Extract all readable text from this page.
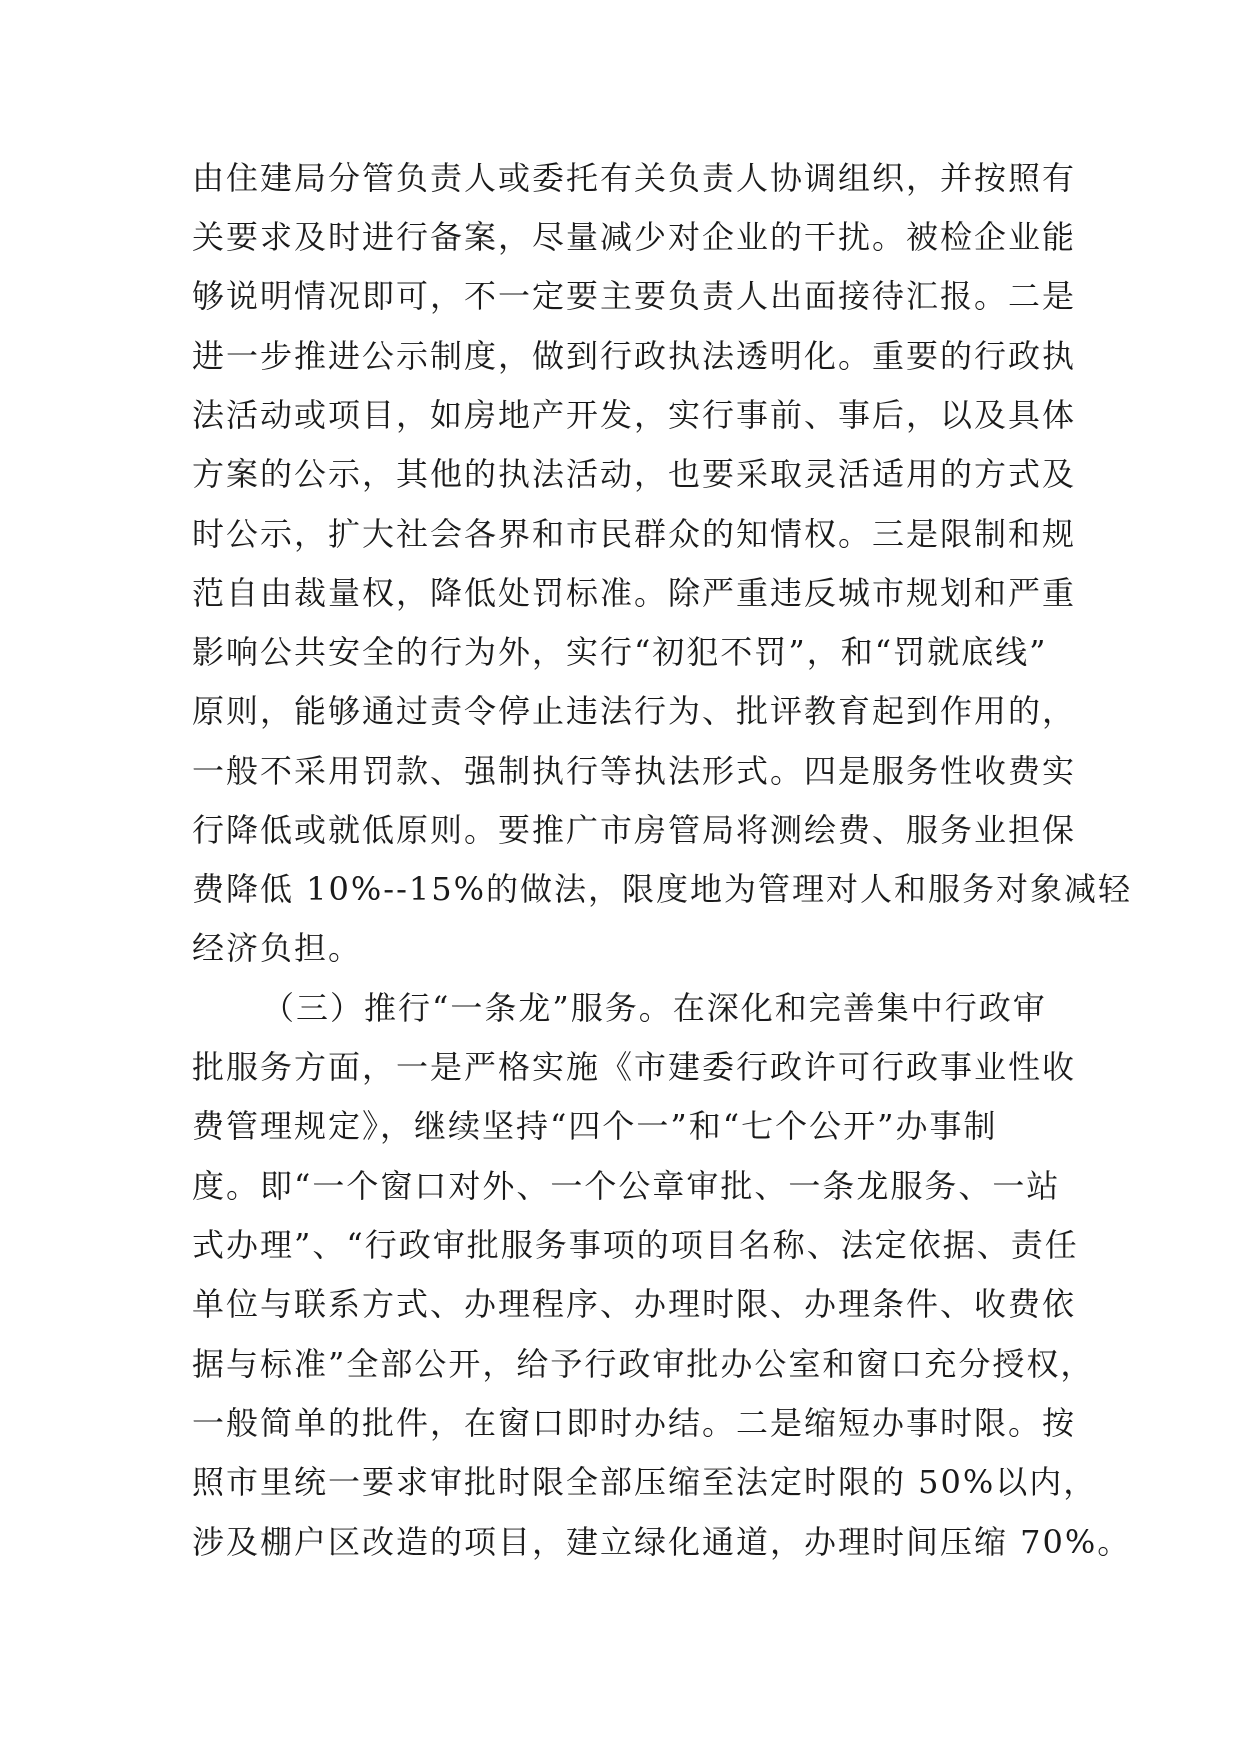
由住建局分管负责人或委托有关负责人协调组织，并按照有
关要求及时进行备案，尽量减少对企业的干扰。被检企业能
够说明情况即可，不一定要主要负责人出面接待汇报。二是
进一步推进公示制度，做到行政执法透明化。重要的行政执
法活动或项目，如房地产开发，实行事前、事后，以及具体
方案的公示，其他的执法活动，也要采取灵活适用的方式及
时公示，扩大社会各界和市民群众的知情权。三是限制和规
范自由裁量权，降低处罚标准。除严重违反城市规划和严重
影响公共安全的行为外，实行“初犯不罚”，和“罚就底线”
原则，能够通过责令停止违法行为、批评教育起到作用的，
一般不采用罚款、强制执行等执法形式。四是服务性收费实
行降低或就低原则。要推广市房管局将测绘费、服务业担保
费降低 10%--15%的做法，限度地为管理对人和服务对象减轻
经济负担。
（三）推行“一条龙”服务。在深化和完善集中行政审
批服务方面，一是严格实施《市建委行政许可行政事业性收
费管理规定》，继续坚持“四个一”和“七个公开”办事制
度。即“一个窗口对外、一个公章审批、一条龙服务、一站
式办理”、“行政审批服务事项的项目名称、法定依据、责任
单位与联系方式、办理程序、办理时限、办理条件、收费依
据与标准”全部公开，给予行政审批办公室和窗口充分授权，
一般简单的批件，在窗口即时办结。二是缩短办事时限。按
照市里统一要求审批时限全部压缩至法定时限的 50%以内，
涉及棚户区改造的项目，建立绿化通道，办理时间压缩 70%。
